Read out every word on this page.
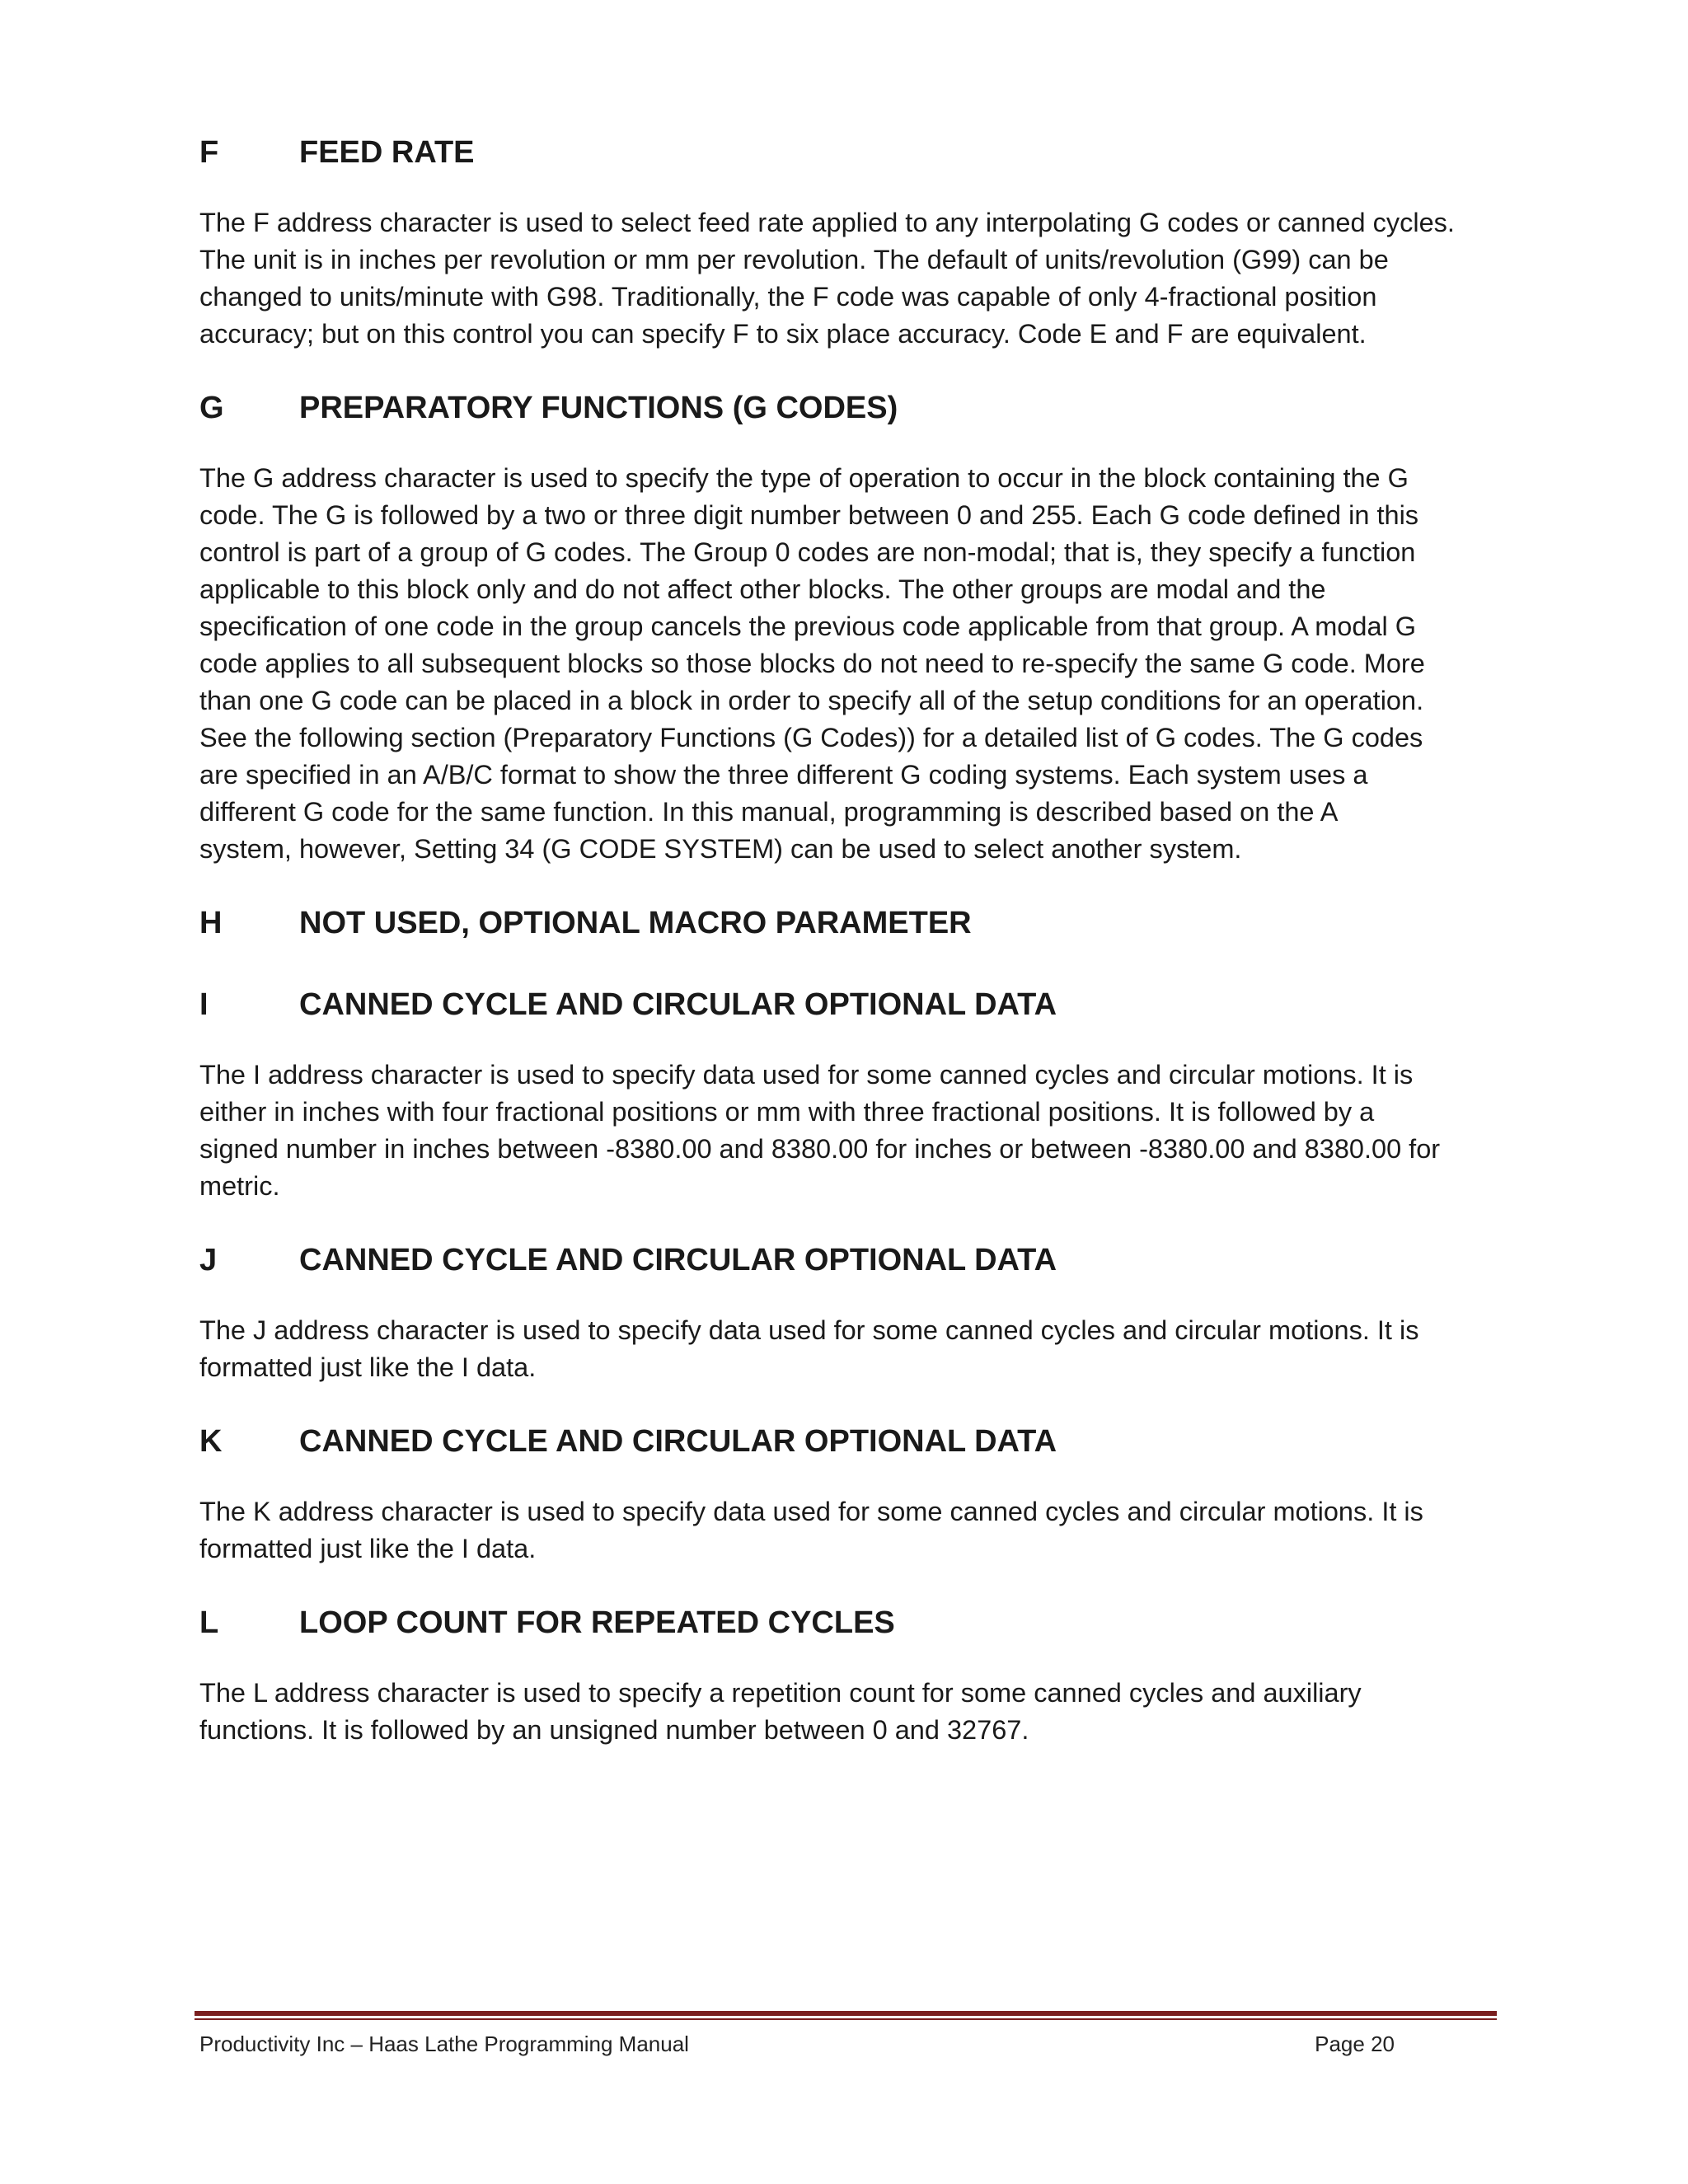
F	FEED RATE

The F address character is used to select feed rate applied to any interpolating G codes or canned cycles.
The unit is in inches per revolution or mm per revolution. The default of units/revolution (G99) can be
changed to units/minute with G98. Traditionally, the F code was capable of only 4-fractional position
accuracy; but on this control you can specify F to six place accuracy. Code E and F are equivalent.

G	PREPARATORY FUNCTIONS (G CODES)

The G address character is used to specify the type of operation to occur in the block containing the G
code. The G is followed by a two or three digit number between 0 and 255. Each G code defined in this
control is part of a group of G codes. The Group 0 codes are non-modal; that is, they specify a function
applicable to this block only and do not affect other blocks. The other groups are modal and the
specification of one code in the group cancels the previous code applicable from that group. A modal G
code applies to all subsequent blocks so those blocks do not need to re-specify the same G code. More
than one G code can be placed in a block in order to specify all of the setup conditions for an operation.
See the following section (Preparatory Functions (G Codes)) for a detailed list of G codes. The G codes
are specified in an A/B/C format to show the three different G coding systems. Each system uses a
different G code for the same function. In this manual, programming is described based on the A
system, however, Setting 34 (G CODE SYSTEM) can be used to select another system.

H	NOT USED, OPTIONAL MACRO PARAMETER
I	CANNED CYCLE AND CIRCULAR OPTIONAL DATA

The I address character is used to specify data used for some canned cycles and circular motions. It is
either in inches with four fractional positions or mm with three fractional positions. It is followed by a
signed number in inches between -8380.00 and 8380.00 for inches or between -8380.00 and 8380.00 for
metric.

J	CANNED CYCLE AND CIRCULAR OPTIONAL DATA

The J address character is used to specify data used for some canned cycles and circular motions. It is
formatted just like the I data.

K	CANNED CYCLE AND CIRCULAR OPTIONAL DATA

The K address character is used to specify data used for some canned cycles and circular motions. It is
formatted just like the I data.

L	LOOP COUNT FOR REPEATED CYCLES

The L address character is used to specify a repetition count for some canned cycles and auxiliary
functions. It is followed by an unsigned number between 0 and 32767.

Productivity Inc – Haas Lathe Programming Manual	Page 20
